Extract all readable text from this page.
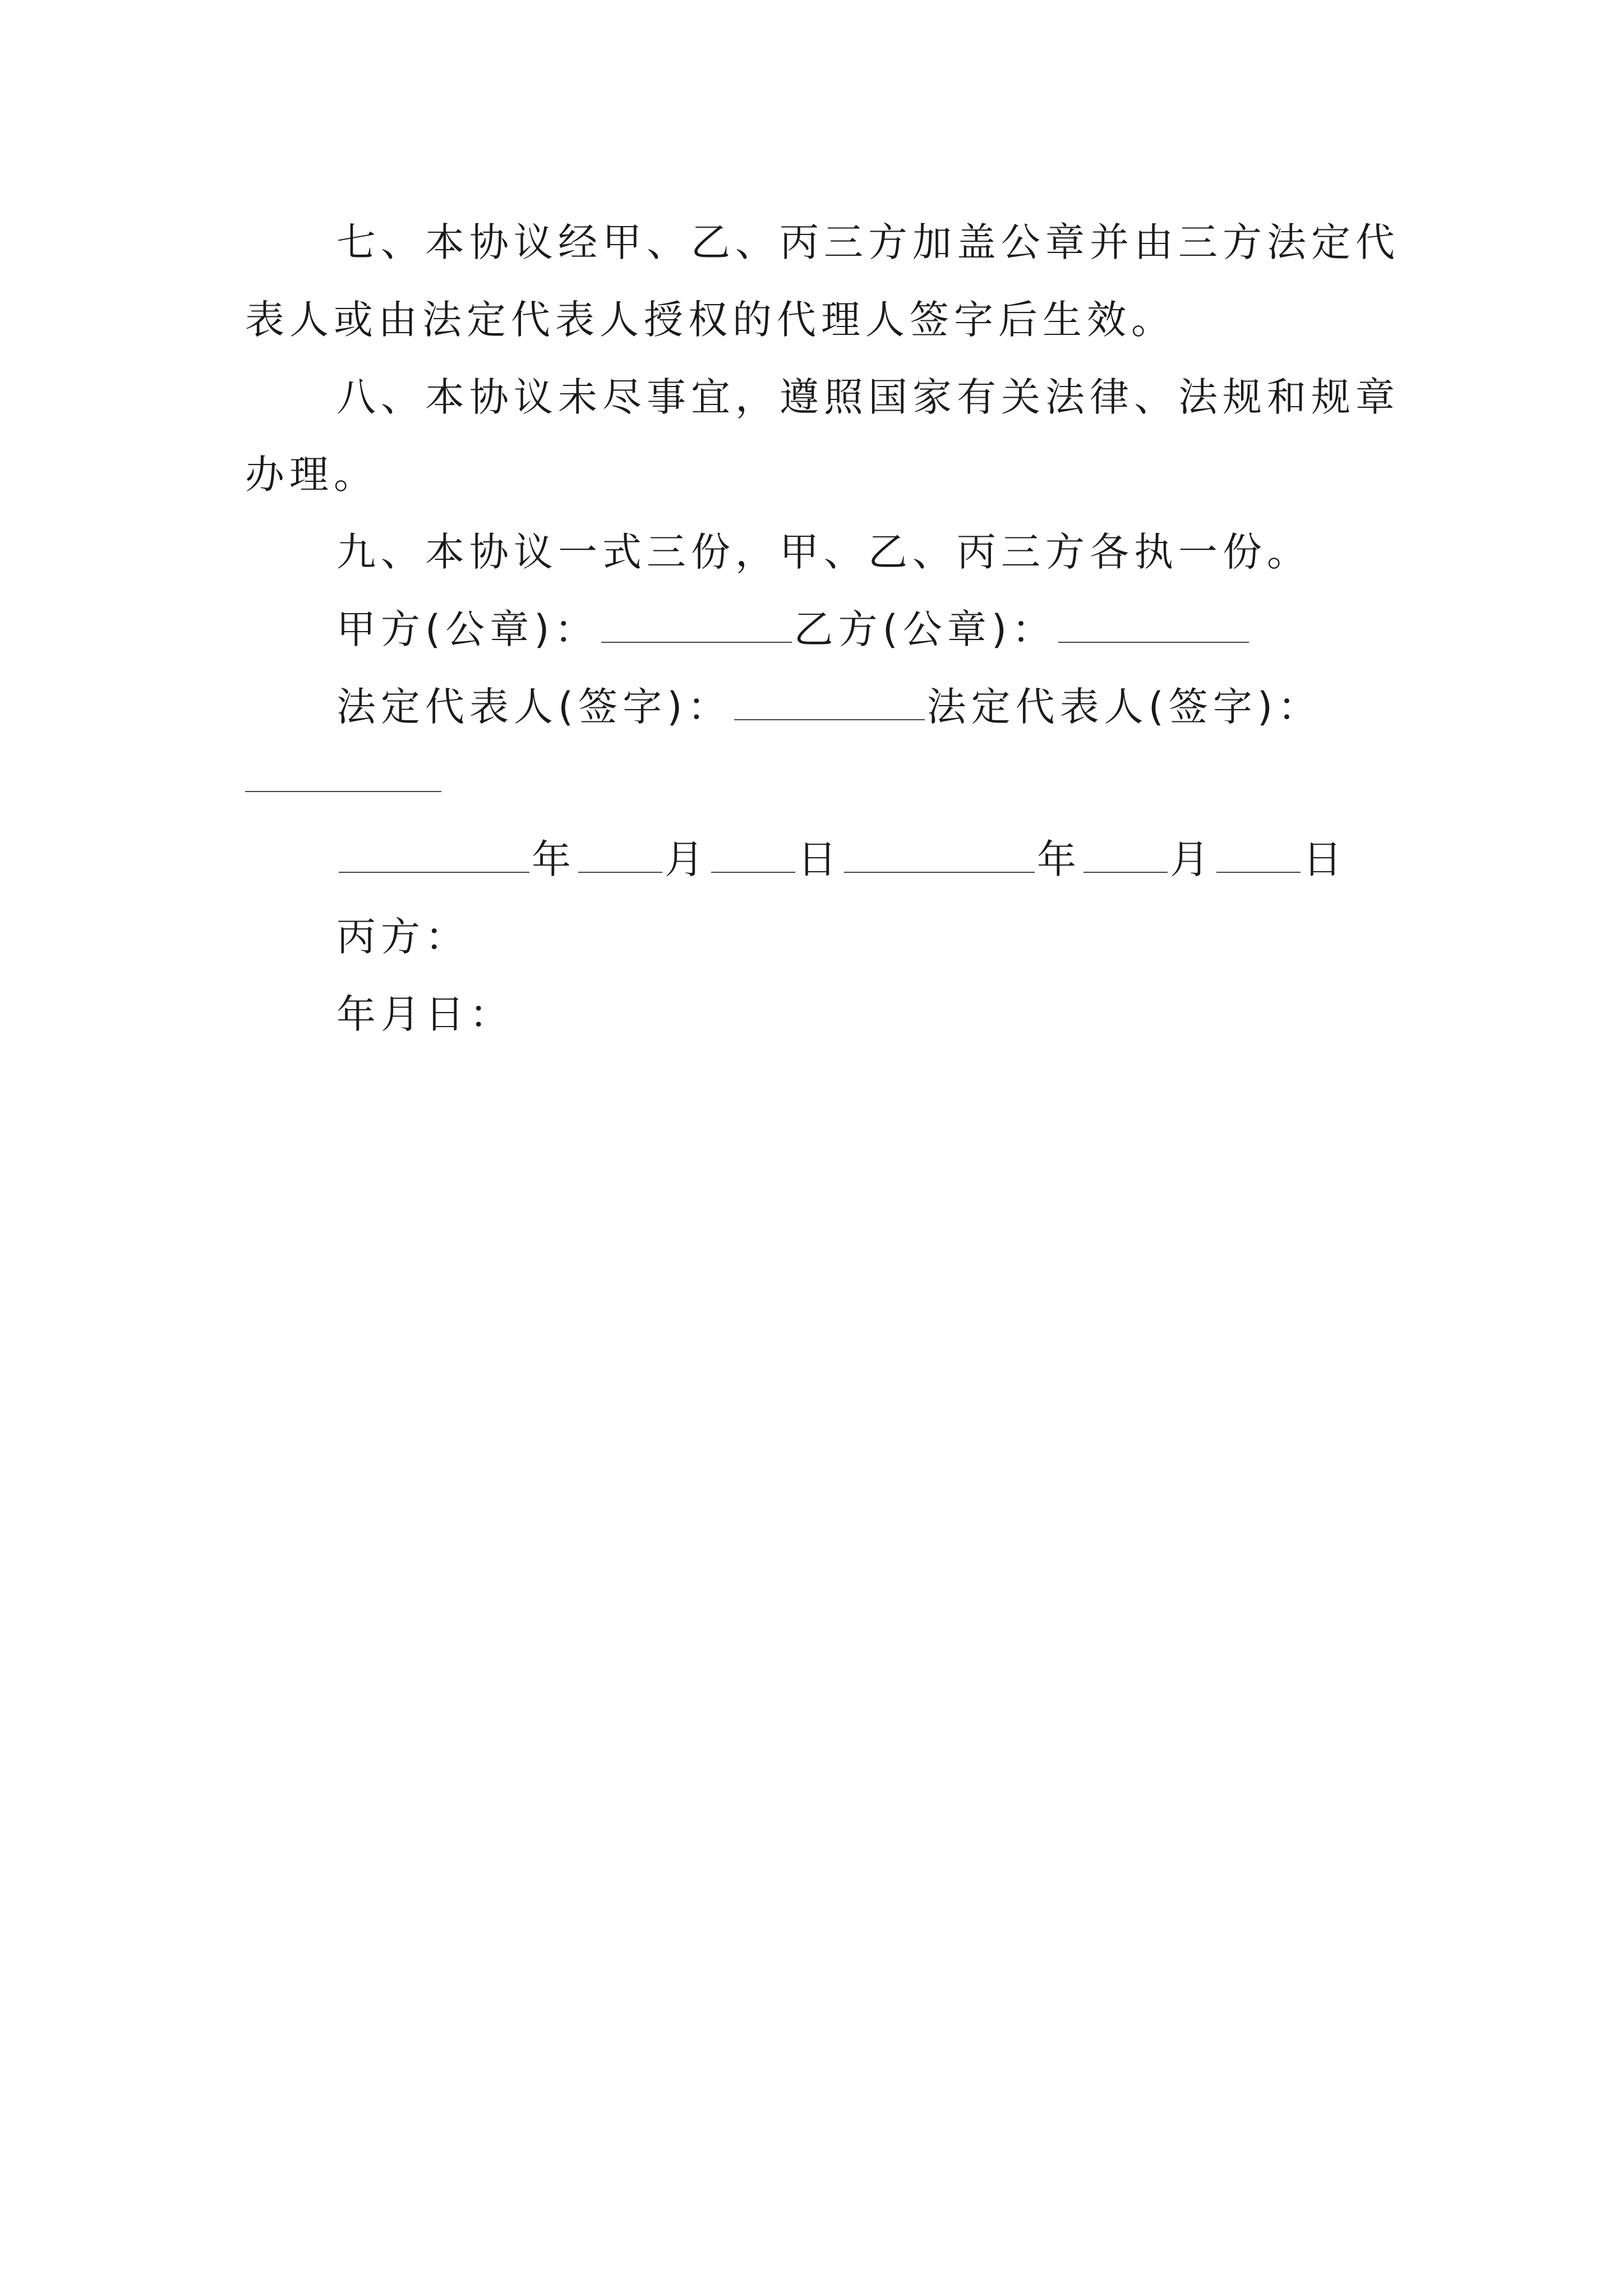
七、本协议经甲、乙、丙三方加盖公章并由三方法定代
表人或由法定代表人授权的代理人签字后生效。
八、本协议未尽事宜，遵照国家有关法律、法规和规章
办理。
九、本协议一式三份，甲、乙、丙三方各执一份。
甲方(公章)：	乙方(公章)：
法定代表人(签字)：	法定代表人(签字)：
年 月 日	年 月 日
丙方：
年月日：
